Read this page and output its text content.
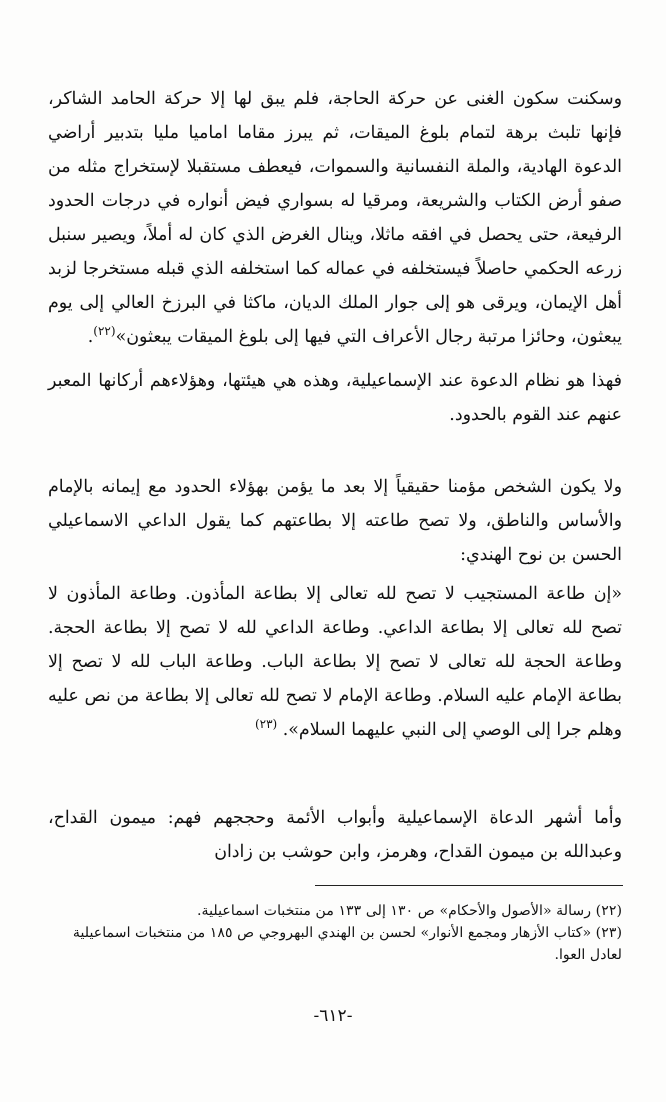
وسكنت سكون الغنى عن حركة الحاجة، فلم يبق لها إلا حركة الحامد الشاكر، فإنها تلبث برهة لتمام بلوغ الميقات، ثم يبرز مقاما اماميا مليا بتدبير أراضي الدعوة الهادية، والملة النفسانية والسموات، فيعطف مستقبلا لإستخراج مثله من صفو أرض الكتاب والشريعة، ومرقيا له بسواري فيض أنواره في درجات الحدود الرفيعة، حتى يحصل في افقه ماثلا، وينال الغرض الذي كان له أملاً، ويصير سنبل زرعه الحكمي حاصلاً فيستخلفه في عماله كما استخلفه الذي قبله مستخرجا لزبد أهل الإيمان، ويرقى هو إلى جوار الملك الديان، ماكثا في البرزخ العالي إلى يوم يبعثون، وحائزا مرتبة رجال الأعراف التي فيها إلى بلوغ الميقات يبعثون»$^{(٢٢)}$.

فهذا هو نظام الدعوة عند الإسماعيلية، وهذه هي هيئتها، وهؤلاءهم أركانها المعبر عنهم عند القوم بالحدود.

ولا يكون الشخص مؤمنا حقيقياً إلا بعد ما يؤمن بهؤلاء الحدود مع إيمانه بالإمام والأساس والناطق، ولا تصح طاعته إلا بطاعتهم كما يقول الداعي الاسماعيلي الحسن بن نوح الهندي:

«إن طاعة المستجيب لا تصح لله تعالى إلا بطاعة المأذون. وطاعة المأذون لا تصح لله تعالى إلا بطاعة الداعي. وطاعة الداعي لله لا تصح إلا بطاعة الحجة. وطاعة الحجة لله تعالى لا تصح إلا بطاعة الباب. وطاعة الباب لله لا تصح إلا بطاعة الإمام عليه السلام. وطاعة الإمام لا تصح لله تعالى إلا بطاعة من نص عليه وهلم جرا إلى الوصي إلى النبي عليهما السلام». $^{(٢٣)}$

وأما أشهر الدعاة الإسماعيلية وأبواب الأئمة وحججهم فهم: ميمون القداح، وعبدالله بن ميمون القداح، وهرمز، وابن حوشب بن زادان

(٢٢) رسالة «الأصول والأحكام» ص ١٣٠ إلى ١٣٣ من منتخبات اسماعيلية.

(٢٣) «كتاب الأزهار ومجمع الأنوار» لحسن بن الهندي البهروجي ص ١٨٥ من منتخبات اسماعيلية لعادل العوا.

-٦١٢-
